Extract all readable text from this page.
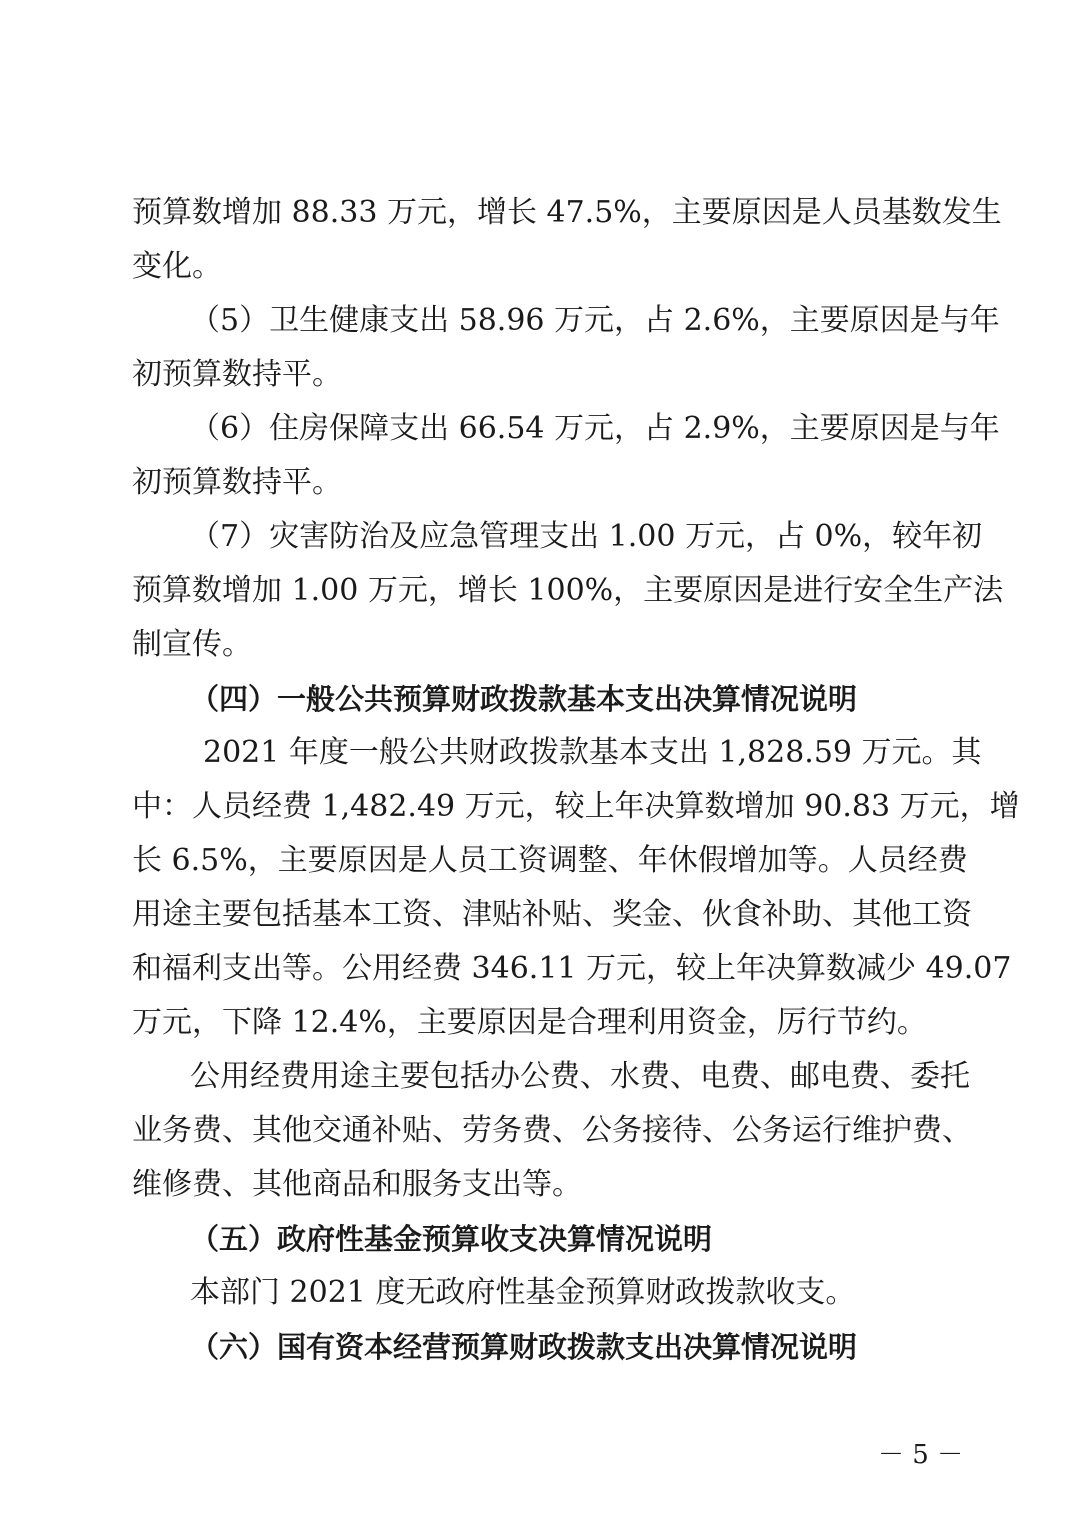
预算数增加 88.33 万元，增长 47.5%，主要原因是人员基数发生
变化。
（5）卫生健康支出 58.96 万元，占 2.6%，主要原因是与年
初预算数持平。
（6）住房保障支出 66.54 万元，占 2.9%，主要原因是与年
初预算数持平。
（7）灾害防治及应急管理支出 1.00 万元，占 0%，较年初
预算数增加 1.00 万元，增长 100%，主要原因是进行安全生产法
制宣传。
（四）一般公共预算财政拨款基本支出决算情况说明
2021 年度一般公共财政拨款基本支出 1,828.59 万元。其
中：人员经费 1,482.49 万元，较上年决算数增加 90.83 万元，增
长 6.5%，主要原因是人员工资调整、年休假增加等。人员经费
用途主要包括基本工资、津贴补贴、奖金、伙食补助、其他工资
和福利支出等。公用经费 346.11 万元，较上年决算数减少 49.07
万元，下降 12.4%，主要原因是合理利用资金，厉行节约。
公用经费用途主要包括办公费、水费、电费、邮电费、委托
业务费、其他交通补贴、劳务费、公务接待、公务运行维护费、
维修费、其他商品和服务支出等。
（五）政府性基金预算收支决算情况说明
本部门 2021 度无政府性基金预算财政拨款收支。
（六）国有资本经营预算财政拨款支出决算情况说明
－ 5 －
